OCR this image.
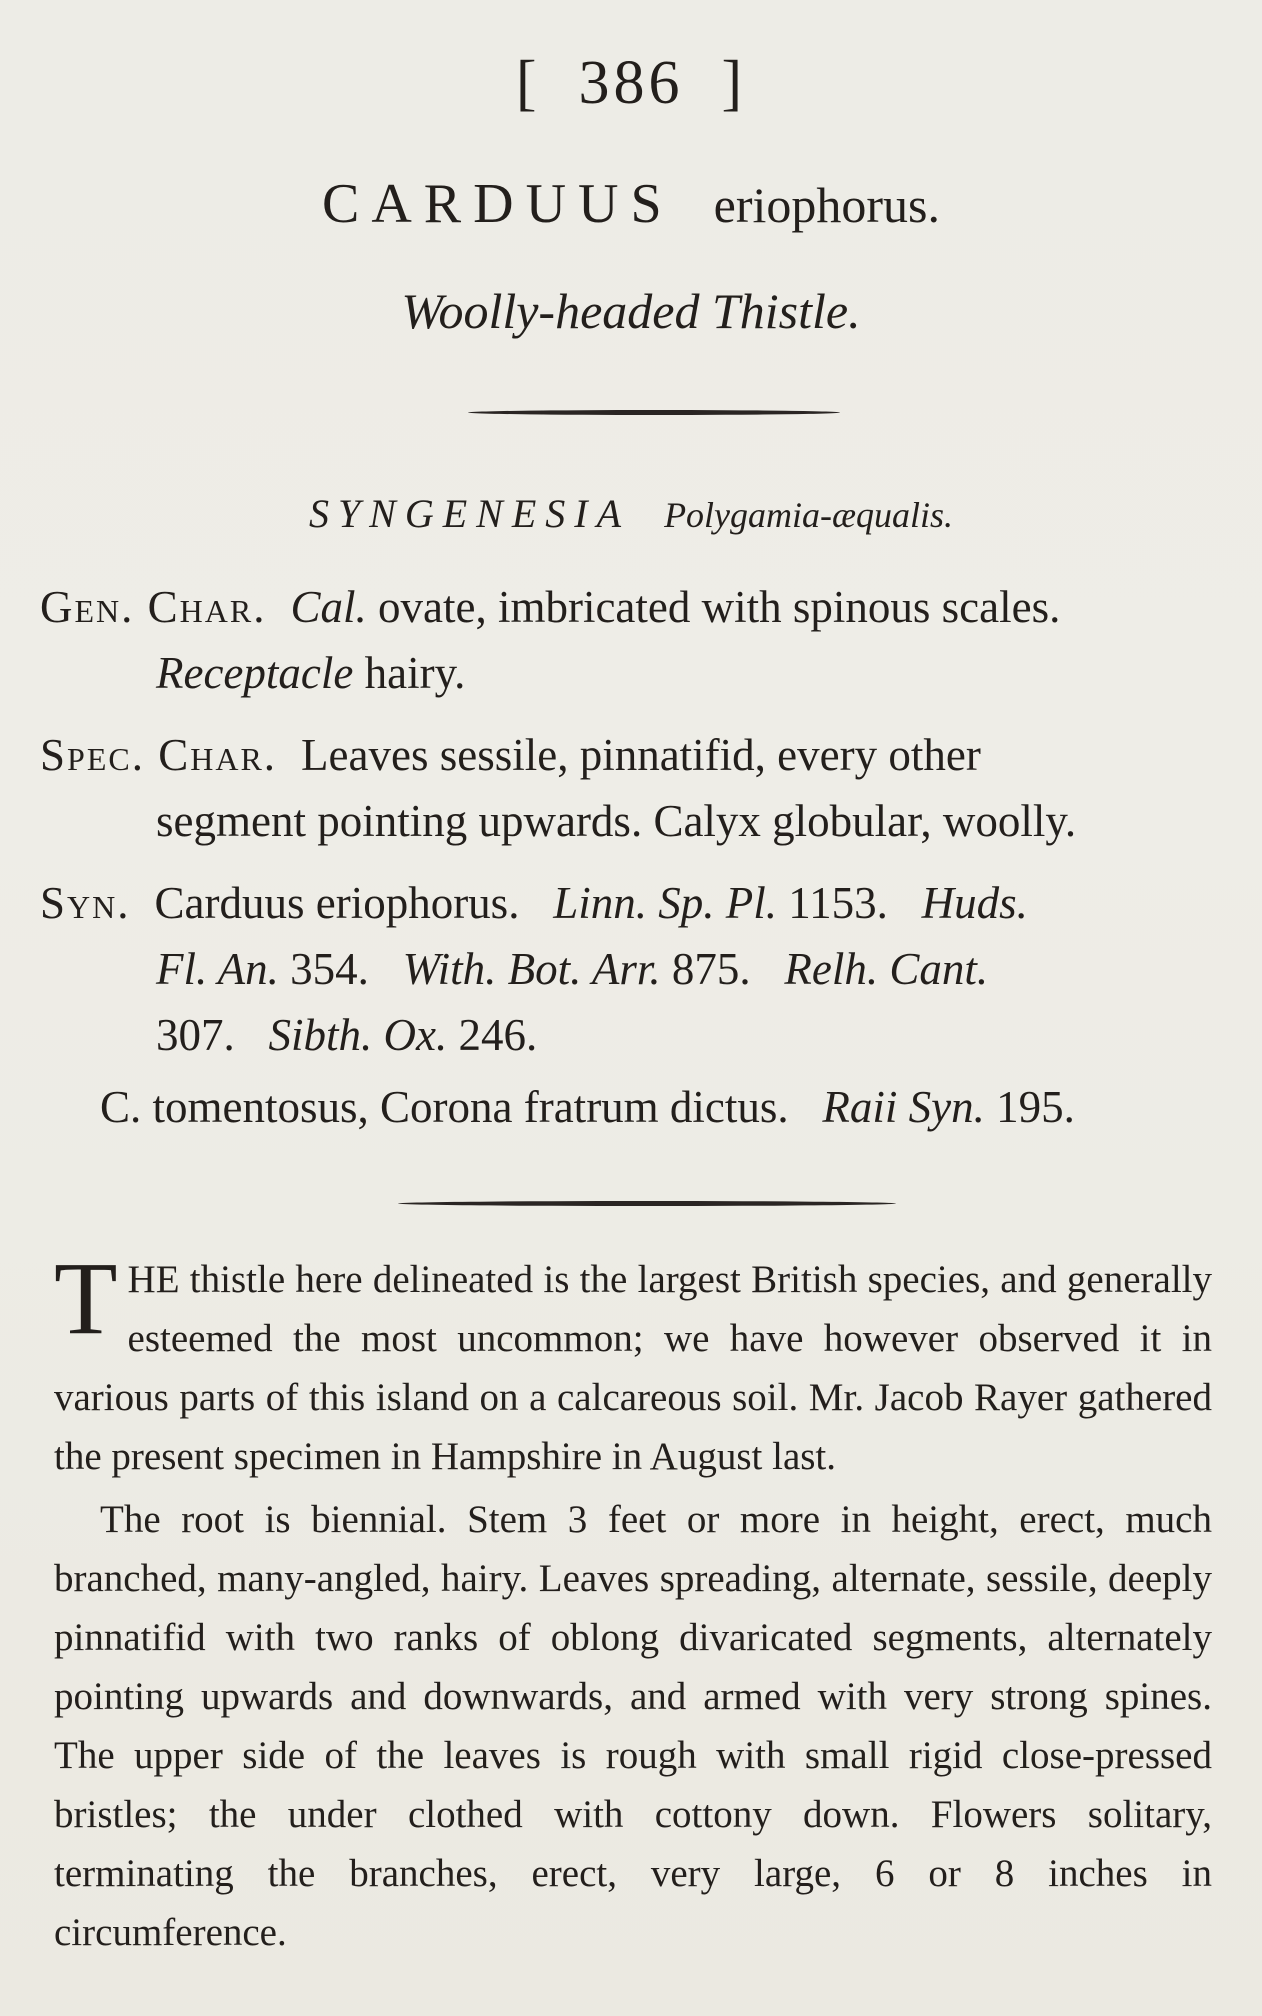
[ 386 ]
CARDUUS eriophorus.
Woolly-headed Thistle.
SYNGENESIA Polygamia-æqualis.
Gen. Char. Cal. ovate, imbricated with spinous scales.
Receptacle hairy.
Spec. Char. Leaves sessile, pinnatifid, every other
segment pointing upwards. Calyx globular, woolly.
Syn. Carduus eriophorus. Linn. Sp. Pl. 1153. Huds.
Fl. An. 354. With. Bot. Arr. 875. Relh. Cant.
307. Sibth. Ox. 246.
C. tomentosus, Corona fratrum dictus. Raii Syn. 195.

THE thistle here delineated is the largest British species, and generally esteemed the most uncommon; we have however observed it in various parts of this island on a calcareous soil. Mr. Jacob Rayer gathered the present specimen in Hampshire in August last.

The root is biennial. Stem 3 feet or more in height, erect, much branched, many-angled, hairy. Leaves spreading, alternate, sessile, deeply pinnatifid with two ranks of oblong divaricated segments, alternately pointing upwards and downwards, and armed with very strong spines. The upper side of the leaves is rough with small rigid close-pressed bristles; the under clothed with cottony down. Flowers solitary, terminating the branches, erect, very large, 6 or 8 inches in circumference.
